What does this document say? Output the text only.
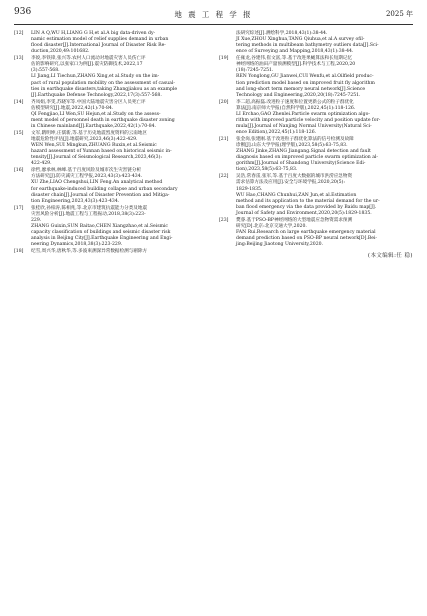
936	地 震 工 程 学 报	2025 年
[12]	LIN A Q,WU H,LIANG G H,et al.A big data-driven dy-
namic estimation model of relief supplies demand in urban
flood disaster[J].International Journal of Disaster Risk Re-
duction,2020,49:101682.
[13]	李姣,李铁锋,张兴等.农村人口流动对地震灾害人员伤亡评
估的影响研究,以张家口为例[J].震灾防御技术,2022,17
(3):557-568.
LI Jiang,LI Tiechun,ZHANG Xing,et al.Study on the im-
pact of rural population mobility on the assessment of casual-
ties in earthquake disasters,taking Zhangjiakou as an example
[J].Earthquake Defense Technology,2022,17(3):557-568.
[14]	齐凤娟,李雯,苏晓军等.中国大陆地震灾害分区人员死亡评
估模型研究[J].地震,2022,42(1):70-84.
QI Fengjiao,LI Wen,SU Hejun,et al.Study on the assess-
ment model of personnel death in earthquake disaster zoning
in Chinese mainland[J].Earthquake,2022,42(1):70-84.
[15]	文军,隋明坤,庄儒新,等.基于历史地震烈度资料的云南地区
地震危险性评估[J].地震研究,2023,46(3):422-429.
WEN Wen,SUI Mingkun,ZHUANG Ruxin,et al.Seismic
hazard assessment of Yunnan based on historical seismic in-
tensity[J].Journal of Seismological Research,2023,46(3):
422-429.
[16]	徐哲,廖承林,林峰.基于百度风险及城市次生灾害链分析
方法研究[J].防灾减灾工程学报,2023,43(3):423-434.
XU Zhe,LIAO Chengshui,LIN Feng.An analytical method
for earthquake-induced building collapse and urban secondary
disaster chain[J].Journal of Disaster Prevention and Mitiga-
tion Engineering,2023,43(3):423-434.
[17]	张桂欣,孙柏涛,陈相兆,等.北京市建筑抗震能力分类及地震
灾害风险分析[J].地震工程与工程振动,2018,38(3):223-
229.
ZHANG Guixin,SUN Baitao,CHEN Xiangzhao,et al.Seismic
capacity classification of buildings and seismic disaster risk
analysis in Beijing City[J].Earthquake Engineering and Engi-
neering Dynamics,2018,38(3):223-229.
[18]	纪雪,周兴华,唐秋华,等.多波束测深异常数据检测与剔除方
法研究综述[J].测绘科学,2018,43(1):38-44.
JI Xue,ZHOU Xinghua,TANG Qiuhua,et al.A survey ofil-
tering methods in multibeam bathymetry outliers data[J].Sci-
ence of Surveying and Mapping,2018,43(1):38-44.
[19]	任雍龙,谷建伟,崔文富,等.基于改进果蝇算法和长短期记忆
神经网络的油田产量预测模型[J].科学技术与工程,2020,20
(18):7245-7251.
REN Yonglong,GU Jianwei,CUI Wenfu,et al.Oilfield produc-
tion prediction model based on improved fruit fly algorithm
and long-short term memory neural network[J].Science
Technology and Engineering,2020,20(18):7245-7251.
[20]	李二超,高振磊.改进粒子速度和位置更新公式的粒子群优化
算法[J].南京师大学报(自然科学版),2022,45(1):118-126.
LI Erchao,GAO Zhenlei.Particle swarm optimization algo-
rithm with improved particle velocity and position update for-
mula[J].Journal of Nanjing Normal University(Natural Sci-
ence Edition),2022,45(1):118-126.
[21]	张金岗,张建刚.基于改进粒子群优化算法的信号检测及故障
诊断[J].山东大学学报(理学版),2023,58(5):63-75,83.
ZHANG Jinke,ZHANG Jiangang.Signal detection and fault
diagnosis based on improved particle swarm optimization al-
gorithm[J].Journal of Shandong University(Science Edi-
tion),2023,58(5):63-75,83.
[22]	吴浩,常春雷,张军,等.基于百度大数据的城市洪涝应急物资
需求估算方法及应用[J].安全与环境学报,2020,20(5):
1829-1835.
WU Hao,CHANG Chunhui,ZAN Jun,et al.Estimation
method and its application to the material demand for the ur-
ban flood emergency via the data provided by Baidu map[J].
Journal of Safety and Environment,2020,20(5):1829-1835.
[23]	樊睿.基于PSO-BP神经网络的大型地震应急物资需求预测
研究[D].北京:北京交通大学,2020.
FAN Rui.Research on large earthquake emergency material
demand prediction based on PSO-BP neural network[D].Bei-
jing:Beijing Jiaotong University,2020.
(本文编辑:任 稳)
